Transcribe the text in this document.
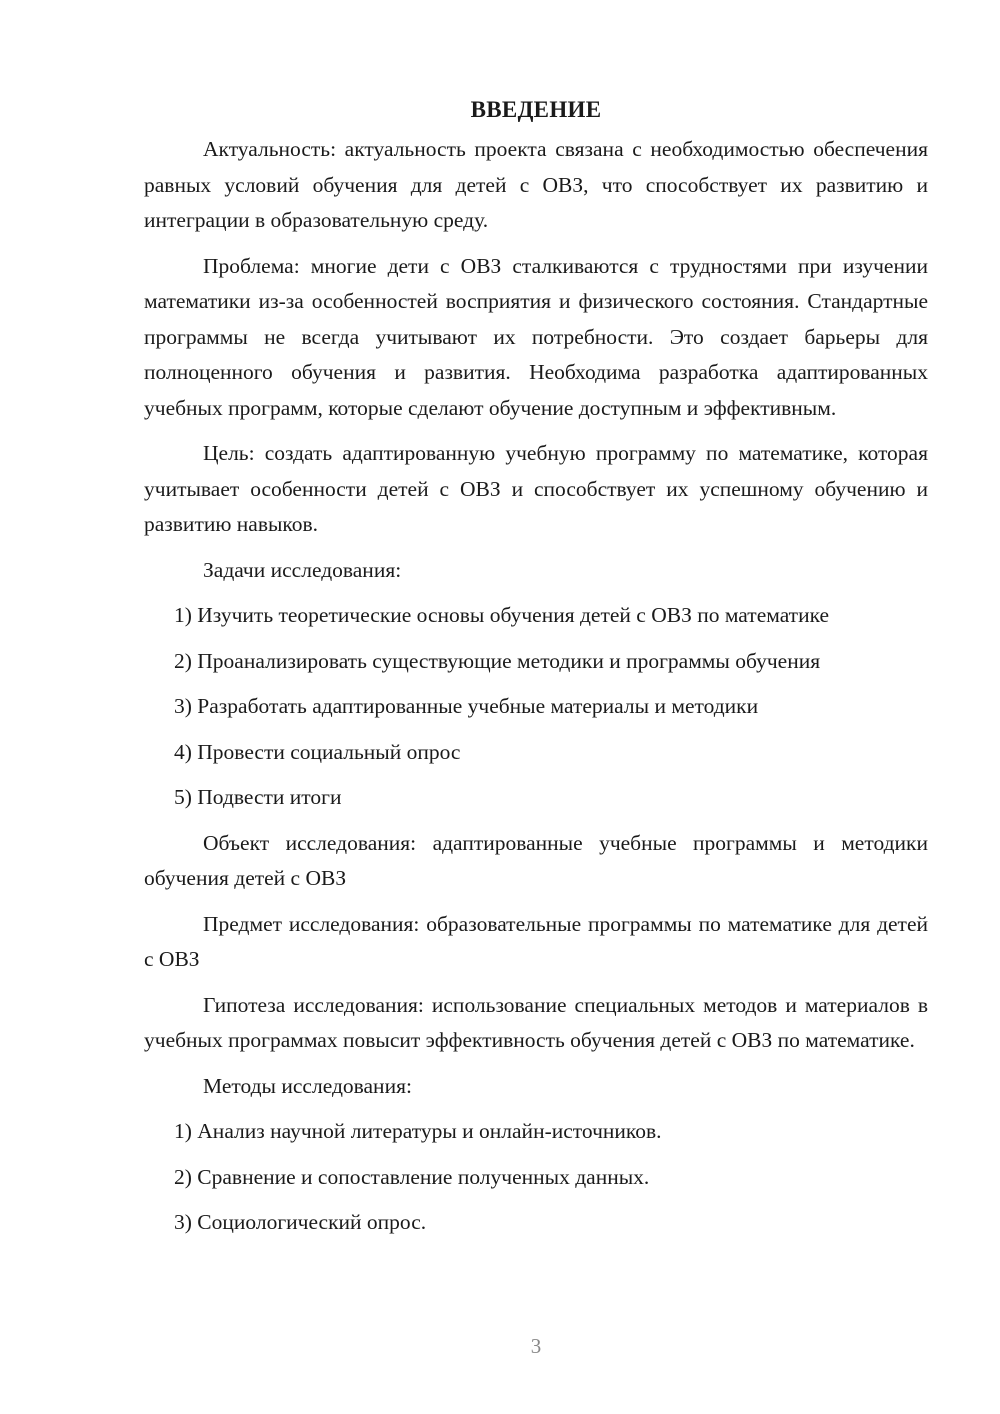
ВВЕДЕНИЕ

Актуальность: актуальность проекта связана с необходимостью обеспечения равных условий обучения для детей с ОВЗ, что способствует их развитию и интеграции в образовательную среду.

Проблема: многие дети с ОВЗ сталкиваются с трудностями при изучении математики из-за особенностей восприятия и физического состояния. Стандартные программы не всегда учитывают их потребности. Это создает барьеры для полноценного обучения и развития. Необходима разработка адаптированных учебных программ, которые сделают обучение доступным и эффективным.

Цель: создать адаптированную учебную программу по математике, которая учитывает особенности детей с ОВЗ и способствует их успешному обучению и развитию навыков.

Задачи исследования:

1) Изучить теоретические основы обучения детей с ОВЗ по математике
2) Проанализировать существующие методики и программы обучения
3) Разработать адаптированные учебные материалы и методики
4) Провести социальный опрос
5) Подвести итоги

Объект исследования: адаптированные учебные программы и методики обучения детей с ОВЗ

Предмет исследования: образовательные программы по математике для детей с ОВЗ

Гипотеза исследования: использование специальных методов и материалов в учебных программах повысит эффективность обучения детей с ОВЗ по математике.

Методы исследования:

1) Анализ научной литературы и онлайн-источников.
2) Сравнение и сопоставление полученных данных.
3) Социологический опрос.
3
